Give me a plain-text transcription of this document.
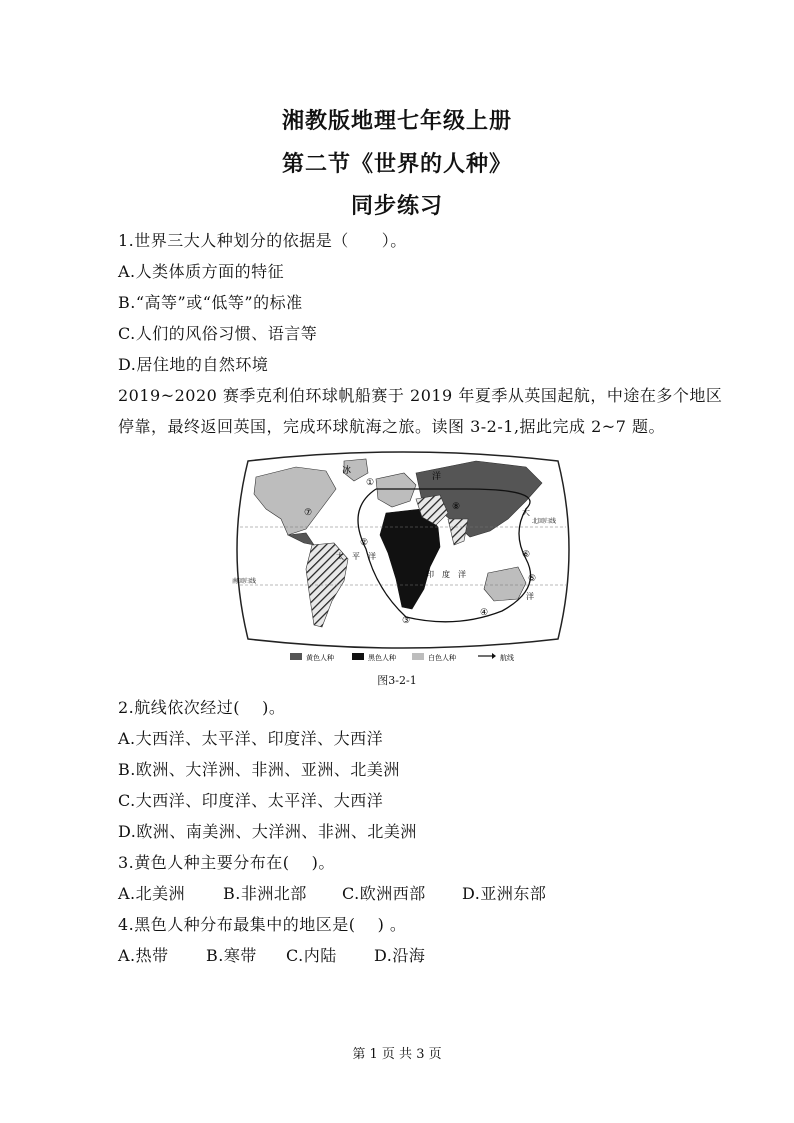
湘教版地理七年级上册
第二节《世界的人种》
同步练习
1.世界三大人种划分的依据是（　　）。
A.人类体质方面的特征
B.“高等”或“低等”的标准
C.人们的风俗习惯、语言等
D.居住地的自然环境
2019~2020 赛季克利伯环球帆船赛于 2019 年夏季从英国起航，中途在多个地区
停靠，最终返回英国，完成环球航海之旅。读图 3-2-1,据此完成 2~7 题。
冰
洋
太　平　洋
印　度　洋
大
洋
北回归线
南回归线
①
②
③
④
⑤
⑥
⑦
⑧
黄色人种	黑色人种	白色人种	航线
图3-2-1
2.航线依次经过(　 )。
A.大西洋、太平洋、印度洋、大西洋
B.欧洲、大洋洲、非洲、亚洲、北美洲
C.大西洋、印度洋、太平洋、大西洋
D.欧洲、南美洲、大洋洲、非洲、北美洲
3.黄色人种主要分布在(　 )。
A.北美洲 B.非洲北部 C.欧洲西部 D.亚洲东部
4.黑色人种分布最集中的地区是(　 ) 。
A.热带 B.寒带 C.内陆 D.沿海
第 1 页 共 3 页
